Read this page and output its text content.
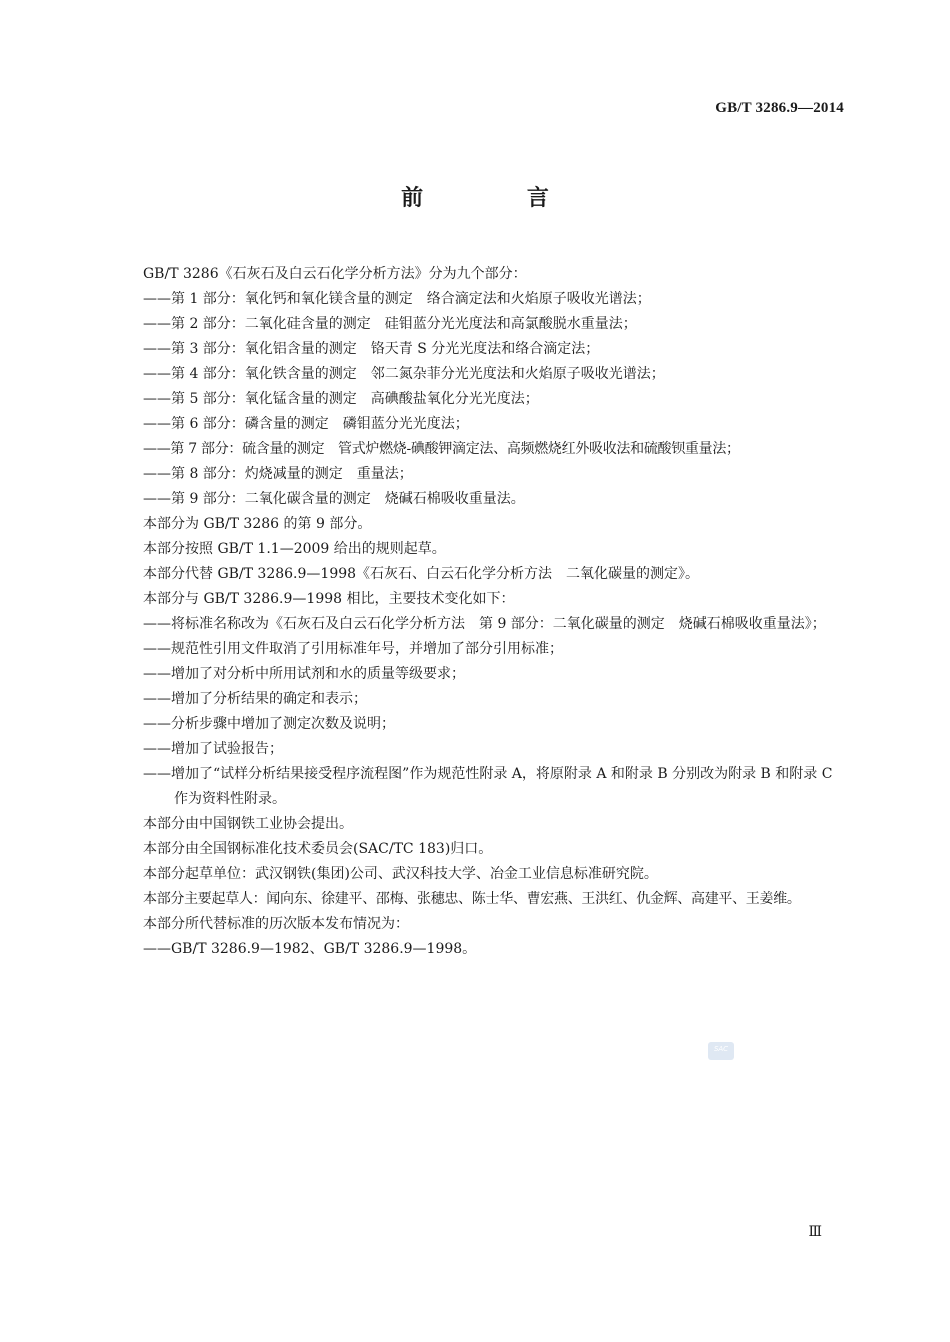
GB/T 3286.9—2014
前 言
GB/T 3286《石灰石及白云石化学分析方法》分为九个部分：
——第 1 部分：氧化钙和氧化镁含量的测定　络合滴定法和火焰原子吸收光谱法；
——第 2 部分：二氧化硅含量的测定　硅钼蓝分光光度法和高氯酸脱水重量法；
——第 3 部分：氧化铝含量的测定　铬天青 S 分光光度法和络合滴定法；
——第 4 部分：氧化铁含量的测定　邻二氮杂菲分光光度法和火焰原子吸收光谱法；
——第 5 部分：氧化锰含量的测定　高碘酸盐氧化分光光度法；
——第 6 部分：磷含量的测定　磷钼蓝分光光度法；
——第 7 部分：硫含量的测定　管式炉燃烧-碘酸钾滴定法、高频燃烧红外吸收法和硫酸钡重量法；
——第 8 部分：灼烧减量的测定　重量法；
——第 9 部分：二氧化碳含量的测定　烧碱石棉吸收重量法。
本部分为 GB/T 3286 的第 9 部分。
本部分按照 GB/T 1.1—2009 给出的规则起草。
本部分代替 GB/T 3286.9—1998《石灰石、白云石化学分析方法　二氧化碳量的测定》。
本部分与 GB/T 3286.9—1998 相比，主要技术变化如下：
——将标准名称改为《石灰石及白云石化学分析方法　第 9 部分：二氧化碳量的测定　烧碱石棉吸收重量法》；
——规范性引用文件取消了引用标准年号，并增加了部分引用标准；
——增加了对分析中所用试剂和水的质量等级要求；
——增加了分析结果的确定和表示；
——分析步骤中增加了测定次数及说明；
——增加了试验报告；
——增加了“试样分析结果接受程序流程图”作为规范性附录 A，将原附录 A 和附录 B 分别改为附录 B 和附录 C 作为资料性附录。
本部分由中国钢铁工业协会提出。
本部分由全国钢标准化技术委员会(SAC/TC 183)归口。
本部分起草单位：武汉钢铁(集团)公司、武汉科技大学、冶金工业信息标准研究院。
本部分主要起草人：闻向东、徐建平、邵梅、张穗忠、陈士华、曹宏燕、王洪红、仇金辉、高建平、王姜维。
本部分所代替标准的历次版本发布情况为：
——GB/T 3286.9—1982、GB/T 3286.9—1998。
SAC
Ⅲ
